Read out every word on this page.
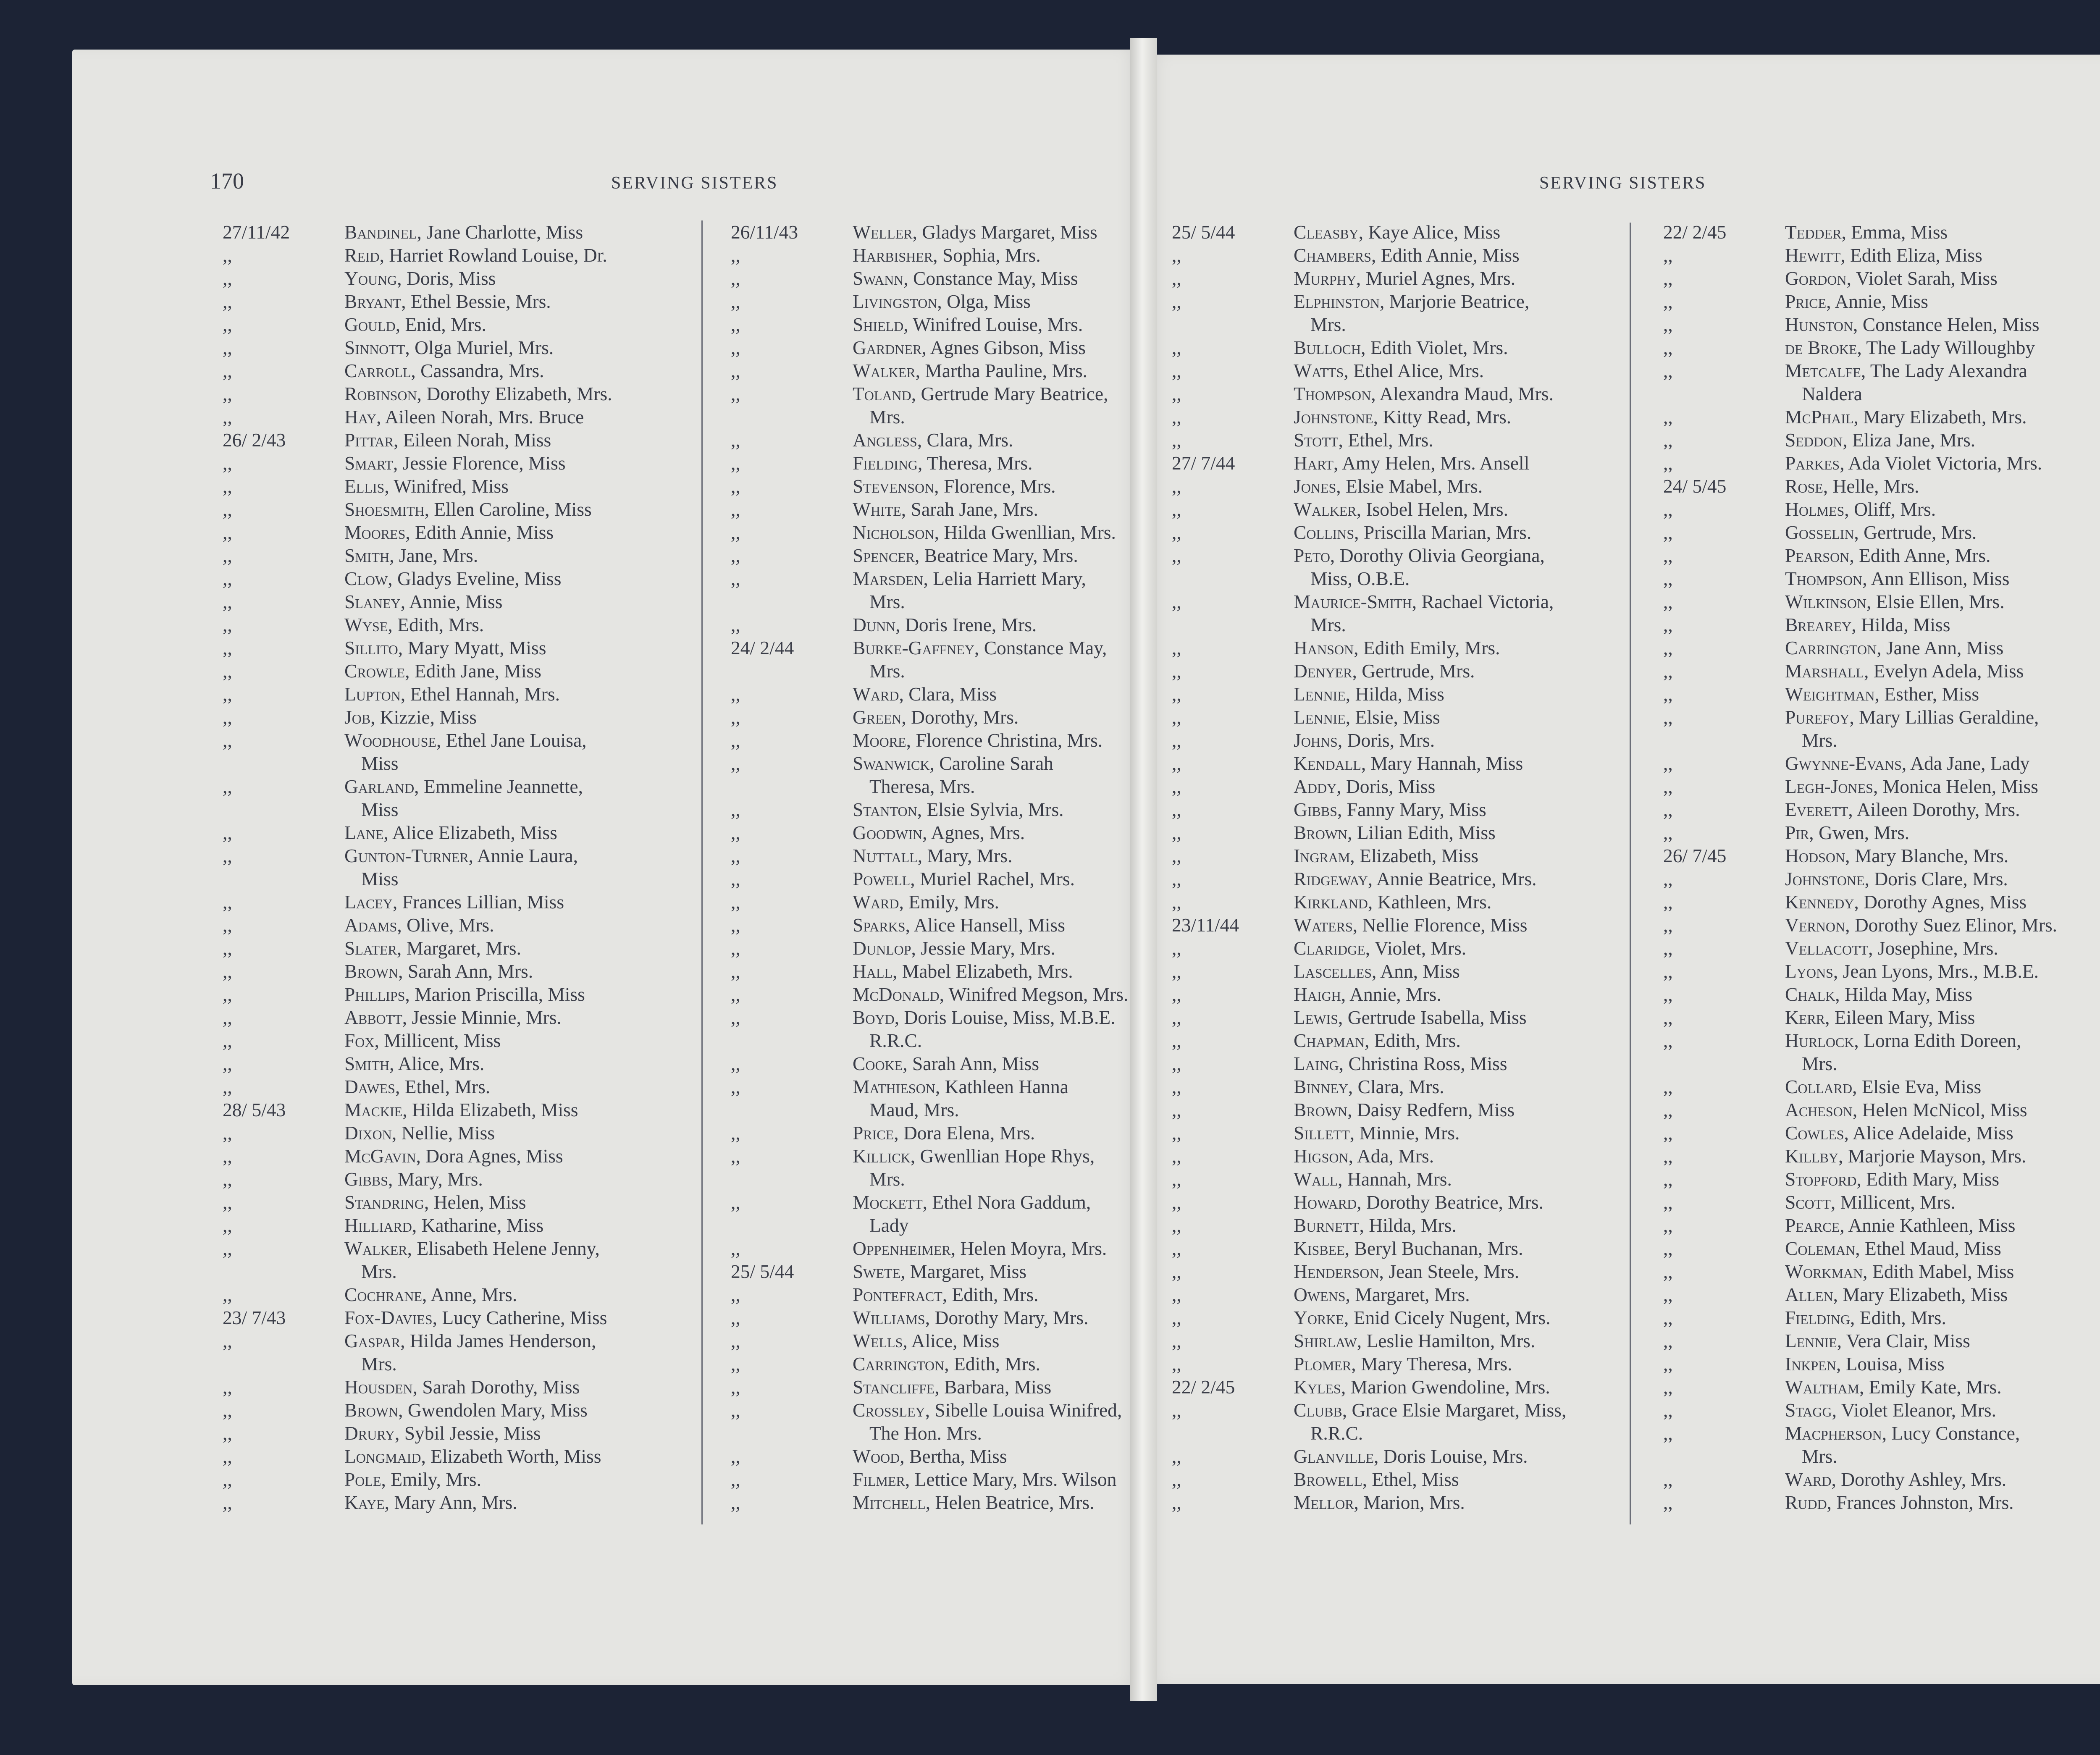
170	SERVING SISTERS	SERVING SISTERS
27/11/42	Bandinel, Jane Charlotte, Miss
,,	Reid, Harriet Rowland Louise, Dr.
,,	Young, Doris, Miss
,,	Bryant, Ethel Bessie, Mrs.
,,	Gould, Enid, Mrs.
,,	Sinnott, Olga Muriel, Mrs.
,,	Carroll, Cassandra, Mrs.
,,	Robinson, Dorothy Elizabeth, Mrs.
,,	Hay, Aileen Norah, Mrs. Bruce
26/ 2/43	Pittar, Eileen Norah, Miss
,,	Smart, Jessie Florence, Miss
,,	Ellis, Winifred, Miss
,,	Shoesmith, Ellen Caroline, Miss
,,	Moores, Edith Annie, Miss
,,	Smith, Jane, Mrs.
,,	Clow, Gladys Eveline, Miss
,,	Slaney, Annie, Miss
,,	Wyse, Edith, Mrs.
,,	Sillito, Mary Myatt, Miss
,,	Crowle, Edith Jane, Miss
,,	Lupton, Ethel Hannah, Mrs.
,,	Job, Kizzie, Miss
,,	Woodhouse, Ethel Jane Louisa,
Miss
,,	Garland, Emmeline Jeannette,
Miss
,,	Lane, Alice Elizabeth, Miss
,,	Gunton-Turner, Annie Laura,
Miss
,,	Lacey, Frances Lillian, Miss
,,	Adams, Olive, Mrs.
,,	Slater, Margaret, Mrs.
,,	Brown, Sarah Ann, Mrs.
,,	Phillips, Marion Priscilla, Miss
,,	Abbott, Jessie Minnie, Mrs.
,,	Fox, Millicent, Miss
,,	Smith, Alice, Mrs.
,,	Dawes, Ethel, Mrs.
28/ 5/43	Mackie, Hilda Elizabeth, Miss
,,	Dixon, Nellie, Miss
,,	McGavin, Dora Agnes, Miss
,,	Gibbs, Mary, Mrs.
,,	Standring, Helen, Miss
,,	Hilliard, Katharine, Miss
,,	Walker, Elisabeth Helene Jenny,
Mrs.
,,	Cochrane, Anne, Mrs.
23/ 7/43	Fox-Davies, Lucy Catherine, Miss
,,	Gaspar, Hilda James Henderson,
Mrs.
,,	Housden, Sarah Dorothy, Miss
,,	Brown, Gwendolen Mary, Miss
,,	Drury, Sybil Jessie, Miss
,,	Longmaid, Elizabeth Worth, Miss
,,	Pole, Emily, Mrs.
,,	Kaye, Mary Ann, Mrs.
26/11/43	Weller, Gladys Margaret, Miss
,,	Harbisher, Sophia, Mrs.
,,	Swann, Constance May, Miss
,,	Livingston, Olga, Miss
,,	Shield, Winifred Louise, Mrs.
,,	Gardner, Agnes Gibson, Miss
,,	Walker, Martha Pauline, Mrs.
,,	Toland, Gertrude Mary Beatrice,
Mrs.
,,	Angless, Clara, Mrs.
,,	Fielding, Theresa, Mrs.
,,	Stevenson, Florence, Mrs.
,,	White, Sarah Jane, Mrs.
,,	Nicholson, Hilda Gwenllian, Mrs.
,,	Spencer, Beatrice Mary, Mrs.
,,	Marsden, Lelia Harriett Mary,
Mrs.
,,	Dunn, Doris Irene, Mrs.
24/ 2/44	Burke-Gaffney, Constance May,
Mrs.
,,	Ward, Clara, Miss
,,	Green, Dorothy, Mrs.
,,	Moore, Florence Christina, Mrs.
,,	Swanwick, Caroline Sarah
Theresa, Mrs.
,,	Stanton, Elsie Sylvia, Mrs.
,,	Goodwin, Agnes, Mrs.
,,	Nuttall, Mary, Mrs.
,,	Powell, Muriel Rachel, Mrs.
,,	Ward, Emily, Mrs.
,,	Sparks, Alice Hansell, Miss
,,	Dunlop, Jessie Mary, Mrs.
,,	Hall, Mabel Elizabeth, Mrs.
,,	McDonald, Winifred Megson, Mrs.
,,	Boyd, Doris Louise, Miss, M.B.E.
R.R.C.
,,	Cooke, Sarah Ann, Miss
,,	Mathieson, Kathleen Hanna
Maud, Mrs.
,,	Price, Dora Elena, Mrs.
,,	Killick, Gwenllian Hope Rhys,
Mrs.
,,	Mockett, Ethel Nora Gaddum,
Lady
,,	Oppenheimer, Helen Moyra, Mrs.
25/ 5/44	Swete, Margaret, Miss
,,	Pontefract, Edith, Mrs.
,,	Williams, Dorothy Mary, Mrs.
,,	Wells, Alice, Miss
,,	Carrington, Edith, Mrs.
,,	Stancliffe, Barbara, Miss
,,	Crossley, Sibelle Louisa Winifred,
The Hon. Mrs.
,,	Wood, Bertha, Miss
,,	Filmer, Lettice Mary, Mrs. Wilson
,,	Mitchell, Helen Beatrice, Mrs.
25/ 5/44	Cleasby, Kaye Alice, Miss
,,	Chambers, Edith Annie, Miss
,,	Murphy, Muriel Agnes, Mrs.
,,	Elphinston, Marjorie Beatrice,
Mrs.
,,	Bulloch, Edith Violet, Mrs.
,,	Watts, Ethel Alice, Mrs.
,,	Thompson, Alexandra Maud, Mrs.
,,	Johnstone, Kitty Read, Mrs.
,,	Stott, Ethel, Mrs.
27/ 7/44	Hart, Amy Helen, Mrs. Ansell
,,	Jones, Elsie Mabel, Mrs.
,,	Walker, Isobel Helen, Mrs.
,,	Collins, Priscilla Marian, Mrs.
,,	Peto, Dorothy Olivia Georgiana,
Miss, O.B.E.
,,	Maurice-Smith, Rachael Victoria,
Mrs.
,,	Hanson, Edith Emily, Mrs.
,,	Denyer, Gertrude, Mrs.
,,	Lennie, Hilda, Miss
,,	Lennie, Elsie, Miss
,,	Johns, Doris, Mrs.
,,	Kendall, Mary Hannah, Miss
,,	Addy, Doris, Miss
,,	Gibbs, Fanny Mary, Miss
,,	Brown, Lilian Edith, Miss
,,	Ingram, Elizabeth, Miss
,,	Ridgeway, Annie Beatrice, Mrs.
,,	Kirkland, Kathleen, Mrs.
23/11/44	Waters, Nellie Florence, Miss
,,	Claridge, Violet, Mrs.
,,	Lascelles, Ann, Miss
,,	Haigh, Annie, Mrs.
,,	Lewis, Gertrude Isabella, Miss
,,	Chapman, Edith, Mrs.
,,	Laing, Christina Ross, Miss
,,	Binney, Clara, Mrs.
,,	Brown, Daisy Redfern, Miss
,,	Sillett, Minnie, Mrs.
,,	Higson, Ada, Mrs.
,,	Wall, Hannah, Mrs.
,,	Howard, Dorothy Beatrice, Mrs.
,,	Burnett, Hilda, Mrs.
,,	Kisbee, Beryl Buchanan, Mrs.
,,	Henderson, Jean Steele, Mrs.
,,	Owens, Margaret, Mrs.
,,	Yorke, Enid Cicely Nugent, Mrs.
,,	Shirlaw, Leslie Hamilton, Mrs.
,,	Plomer, Mary Theresa, Mrs.
22/ 2/45	Kyles, Marion Gwendoline, Mrs.
,,	Clubb, Grace Elsie Margaret, Miss,
R.R.C.
,,	Glanville, Doris Louise, Mrs.
,,	Browell, Ethel, Miss
,,	Mellor, Marion, Mrs.
22/ 2/45	Tedder, Emma, Miss
,,	Hewitt, Edith Eliza, Miss
,,	Gordon, Violet Sarah, Miss
,,	Price, Annie, Miss
,,	Hunston, Constance Helen, Miss
,,	de Broke, The Lady Willoughby
,,	Metcalfe, The Lady Alexandra
Naldera
,,	McPhail, Mary Elizabeth, Mrs.
,,	Seddon, Eliza Jane, Mrs.
,,	Parkes, Ada Violet Victoria, Mrs.
24/ 5/45	Rose, Helle, Mrs.
,,	Holmes, Oliff, Mrs.
,,	Gosselin, Gertrude, Mrs.
,,	Pearson, Edith Anne, Mrs.
,,	Thompson, Ann Ellison, Miss
,,	Wilkinson, Elsie Ellen, Mrs.
,,	Brearey, Hilda, Miss
,,	Carrington, Jane Ann, Miss
,,	Marshall, Evelyn Adela, Miss
,,	Weightman, Esther, Miss
,,	Purefoy, Mary Lillias Geraldine,
Mrs.
,,	Gwynne-Evans, Ada Jane, Lady
,,	Legh-Jones, Monica Helen, Miss
,,	Everett, Aileen Dorothy, Mrs.
,,	Pir, Gwen, Mrs.
26/ 7/45	Hodson, Mary Blanche, Mrs.
,,	Johnstone, Doris Clare, Mrs.
,,	Kennedy, Dorothy Agnes, Miss
,,	Vernon, Dorothy Suez Elinor, Mrs.
,,	Vellacott, Josephine, Mrs.
,,	Lyons, Jean Lyons, Mrs., M.B.E.
,,	Chalk, Hilda May, Miss
,,	Kerr, Eileen Mary, Miss
,,	Hurlock, Lorna Edith Doreen,
Mrs.
,,	Collard, Elsie Eva, Miss
,,	Acheson, Helen McNicol, Miss
,,	Cowles, Alice Adelaide, Miss
,,	Killby, Marjorie Mayson, Mrs.
,,	Stopford, Edith Mary, Miss
,,	Scott, Millicent, Mrs.
,,	Pearce, Annie Kathleen, Miss
,,	Coleman, Ethel Maud, Miss
,,	Workman, Edith Mabel, Miss
,,	Allen, Mary Elizabeth, Miss
,,	Fielding, Edith, Mrs.
,,	Lennie, Vera Clair, Miss
,,	Inkpen, Louisa, Miss
,,	Waltham, Emily Kate, Mrs.
,,	Stagg, Violet Eleanor, Mrs.
,,	Macpherson, Lucy Constance,
Mrs.
,,	Ward, Dorothy Ashley, Mrs.
,,	Rudd, Frances Johnston, Mrs.
